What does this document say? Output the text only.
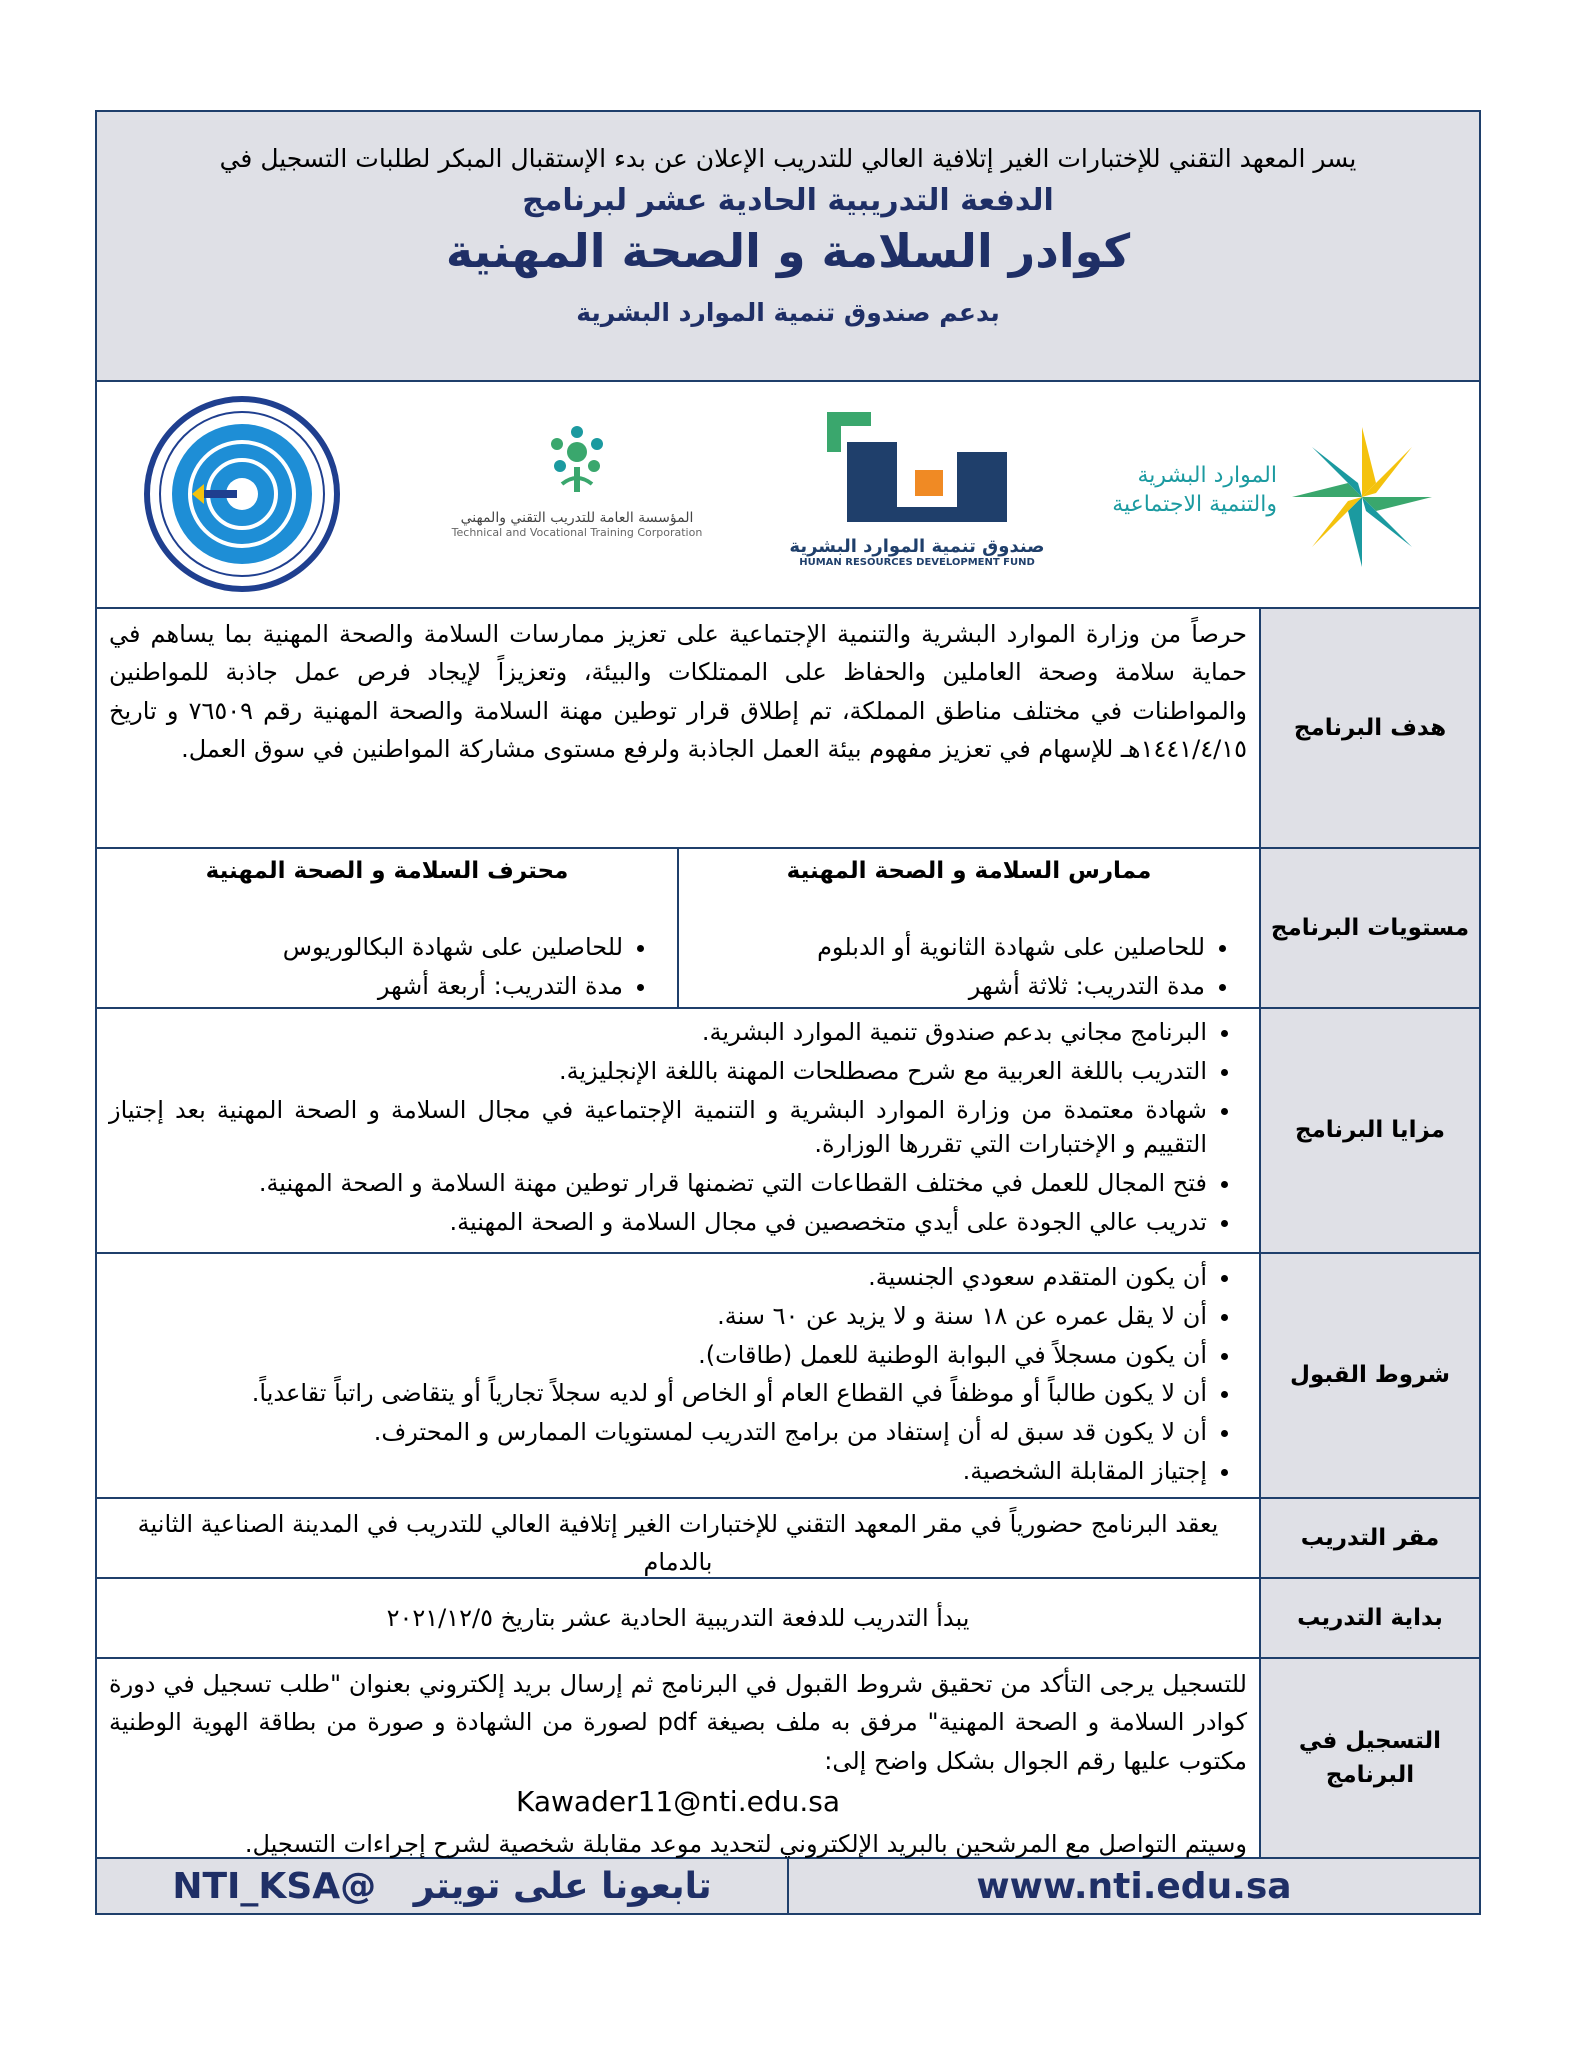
يسر المعهد التقني للإختبارات الغير إتلافية العالي للتدريب الإعلان عن بدء الإستقبال المبكر لطلبات التسجيل في
الدفعة التدريبية الحادية عشر لبرنامج
كوادر السلامة و الصحة المهنية
بدعم صندوق تنمية الموارد البشرية
المؤسسة العامة للتدريب التقني والمهني
Technical and Vocational Training Corporation
صندوق تنمية الموارد البشرية
HUMAN RESOURCES DEVELOPMENT FUND
الموارد البشرية
والتنمية الاجتماعية
هدف البرنامج
حرصاً من وزارة الموارد البشرية والتنمية الإجتماعية على تعزيز ممارسات السلامة والصحة المهنية بما يساهم في حماية سلامة وصحة العاملين والحفاظ على الممتلكات والبيئة، وتعزيزاً لإيجاد فرص عمل جاذبة للمواطنين والمواطنات في مختلف مناطق المملكة، تم إطلاق قرار توطين مهنة السلامة والصحة المهنية رقم ٧٦٥٠٩ و تاريخ ١٤٤١/٤/١٥هـ للإسهام في تعزيز مفهوم بيئة العمل الجاذبة ولرفع مستوى مشاركة المواطنين في سوق العمل.
مستويات البرنامج
ممارس السلامة و الصحة المهنية
• للحاصلين على شهادة الثانوية أو الدبلوم
• مدة التدريب: ثلاثة أشهر
محترف السلامة و الصحة المهنية
• للحاصلين على شهادة البكالوريوس
• مدة التدريب: أربعة أشهر
مزايا البرنامج
• البرنامج مجاني بدعم صندوق تنمية الموارد البشرية.
• التدريب باللغة العربية مع شرح مصطلحات المهنة باللغة الإنجليزية.
• شهادة معتمدة من وزارة الموارد البشرية و التنمية الإجتماعية في مجال السلامة و الصحة المهنية بعد إجتياز التقييم و الإختبارات التي تقررها الوزارة.
• فتح المجال للعمل في مختلف القطاعات التي تضمنها قرار توطين مهنة السلامة و الصحة المهنية.
• تدريب عالي الجودة على أيدي متخصصين في مجال السلامة و الصحة المهنية.
شروط القبول
• أن يكون المتقدم سعودي الجنسية.
• أن لا يقل عمره عن ١٨ سنة و لا يزيد عن ٦٠ سنة.
• أن يكون مسجلاً في البوابة الوطنية للعمل (طاقات).
• أن لا يكون طالباً أو موظفاً في القطاع العام أو الخاص أو لديه سجلاً تجارياً أو يتقاضى راتباً تقاعدياً.
• أن لا يكون قد سبق له أن إستفاد من برامج التدريب لمستويات الممارس و المحترف.
• إجتياز المقابلة الشخصية.
مقر التدريب
يعقد البرنامج حضورياً في مقر المعهد التقني للإختبارات الغير إتلافية العالي للتدريب في المدينة الصناعية الثانية بالدمام
بداية التدريب
يبدأ التدريب للدفعة التدريبية الحادية عشر بتاريخ ٢٠٢١/١٢/٥
التسجيل في البرنامج
للتسجيل يرجى التأكد من تحقيق شروط القبول في البرنامج ثم إرسال بريد إلكتروني بعنوان "طلب تسجيل في دورة كوادر السلامة و الصحة المهنية" مرفق به ملف بصيغة pdf لصورة من الشهادة و صورة من بطاقة الهوية الوطنية مكتوب عليها رقم الجوال بشكل واضح إلى:
Kawader11@nti.edu.sa
وسيتم التواصل مع المرشحين بالبريد الإلكتروني لتحديد موعد مقابلة شخصية لشرح إجراءات التسجيل.
www.nti.edu.sa
تابعونا على تويتر   @NTI_KSA
